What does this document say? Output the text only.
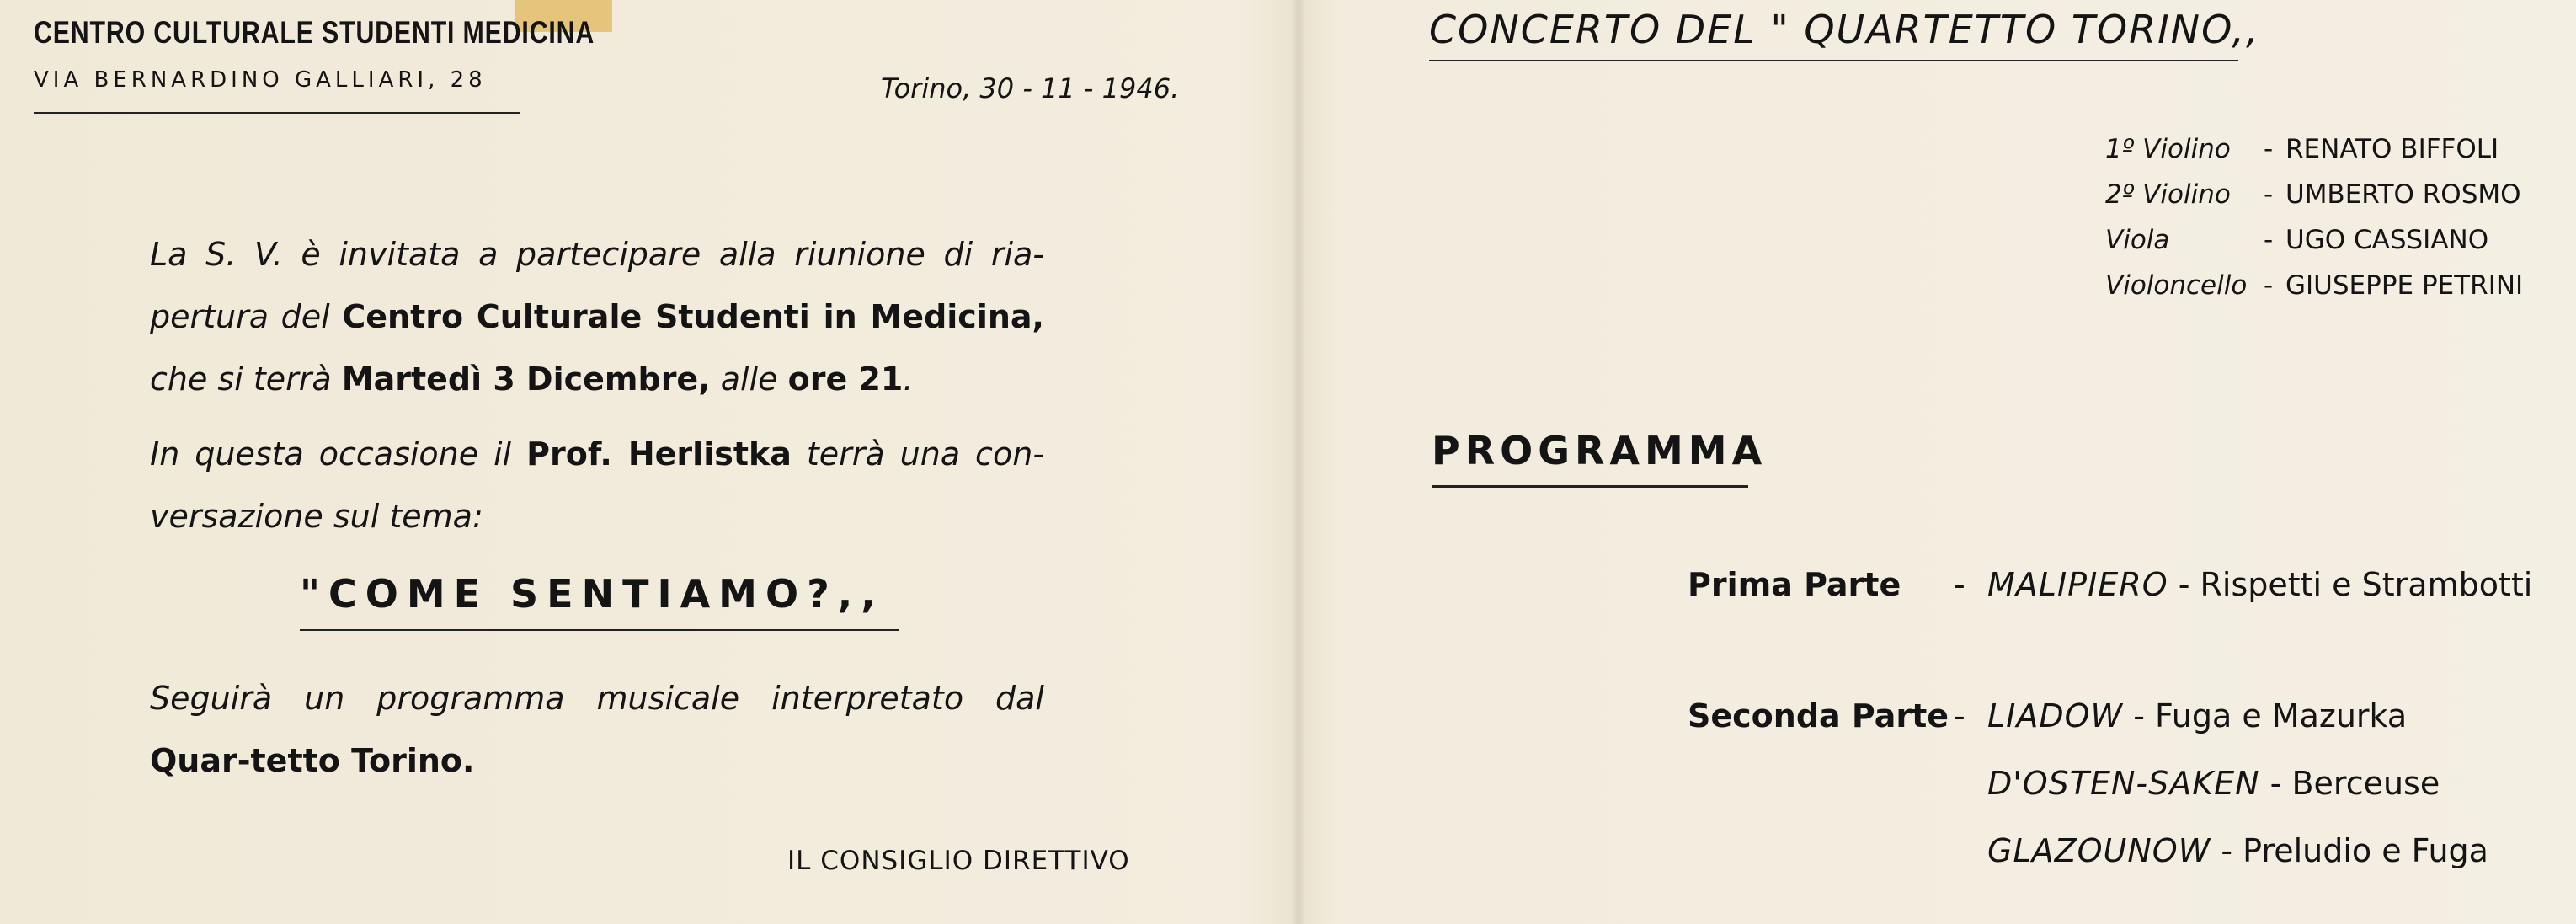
CENTRO CULTURALE STUDENTI MEDICINA
VIA BERNARDINO GALLIARI, 28	Torino, 30 - 11 - 1946.
La S. V. è invitata a partecipare alla riunione di ria-pertura del Centro Culturale Studenti in Medicina, che si terrà Martedì 3 Dicembre, alle ore 21.
In questa occasione il Prof. Herlistka terrà una con-versazione sul tema:
"COME SENTIAMO?,,
Seguirà un programma musicale interpretato dal Quar-tetto Torino.
IL CONSIGLIO DIRETTIVO
CONCERTO DEL " QUARTETTO TORINO,,
1º Violino	-	RENATO BIFFOLI
2º Violino	-	UMBERTO ROSMO
Viola	-	UGO CASSIANO
Violoncello	-	GIUSEPPE PETRINI
PROGRAMMA
Prima Parte - MALIPIERO - Rispetti e Strambotti
Seconda Parte - LIADOW - Fuga e Mazurka
D'OSTEN-SAKEN - Berceuse
GLAZOUNOW - Preludio e Fuga
